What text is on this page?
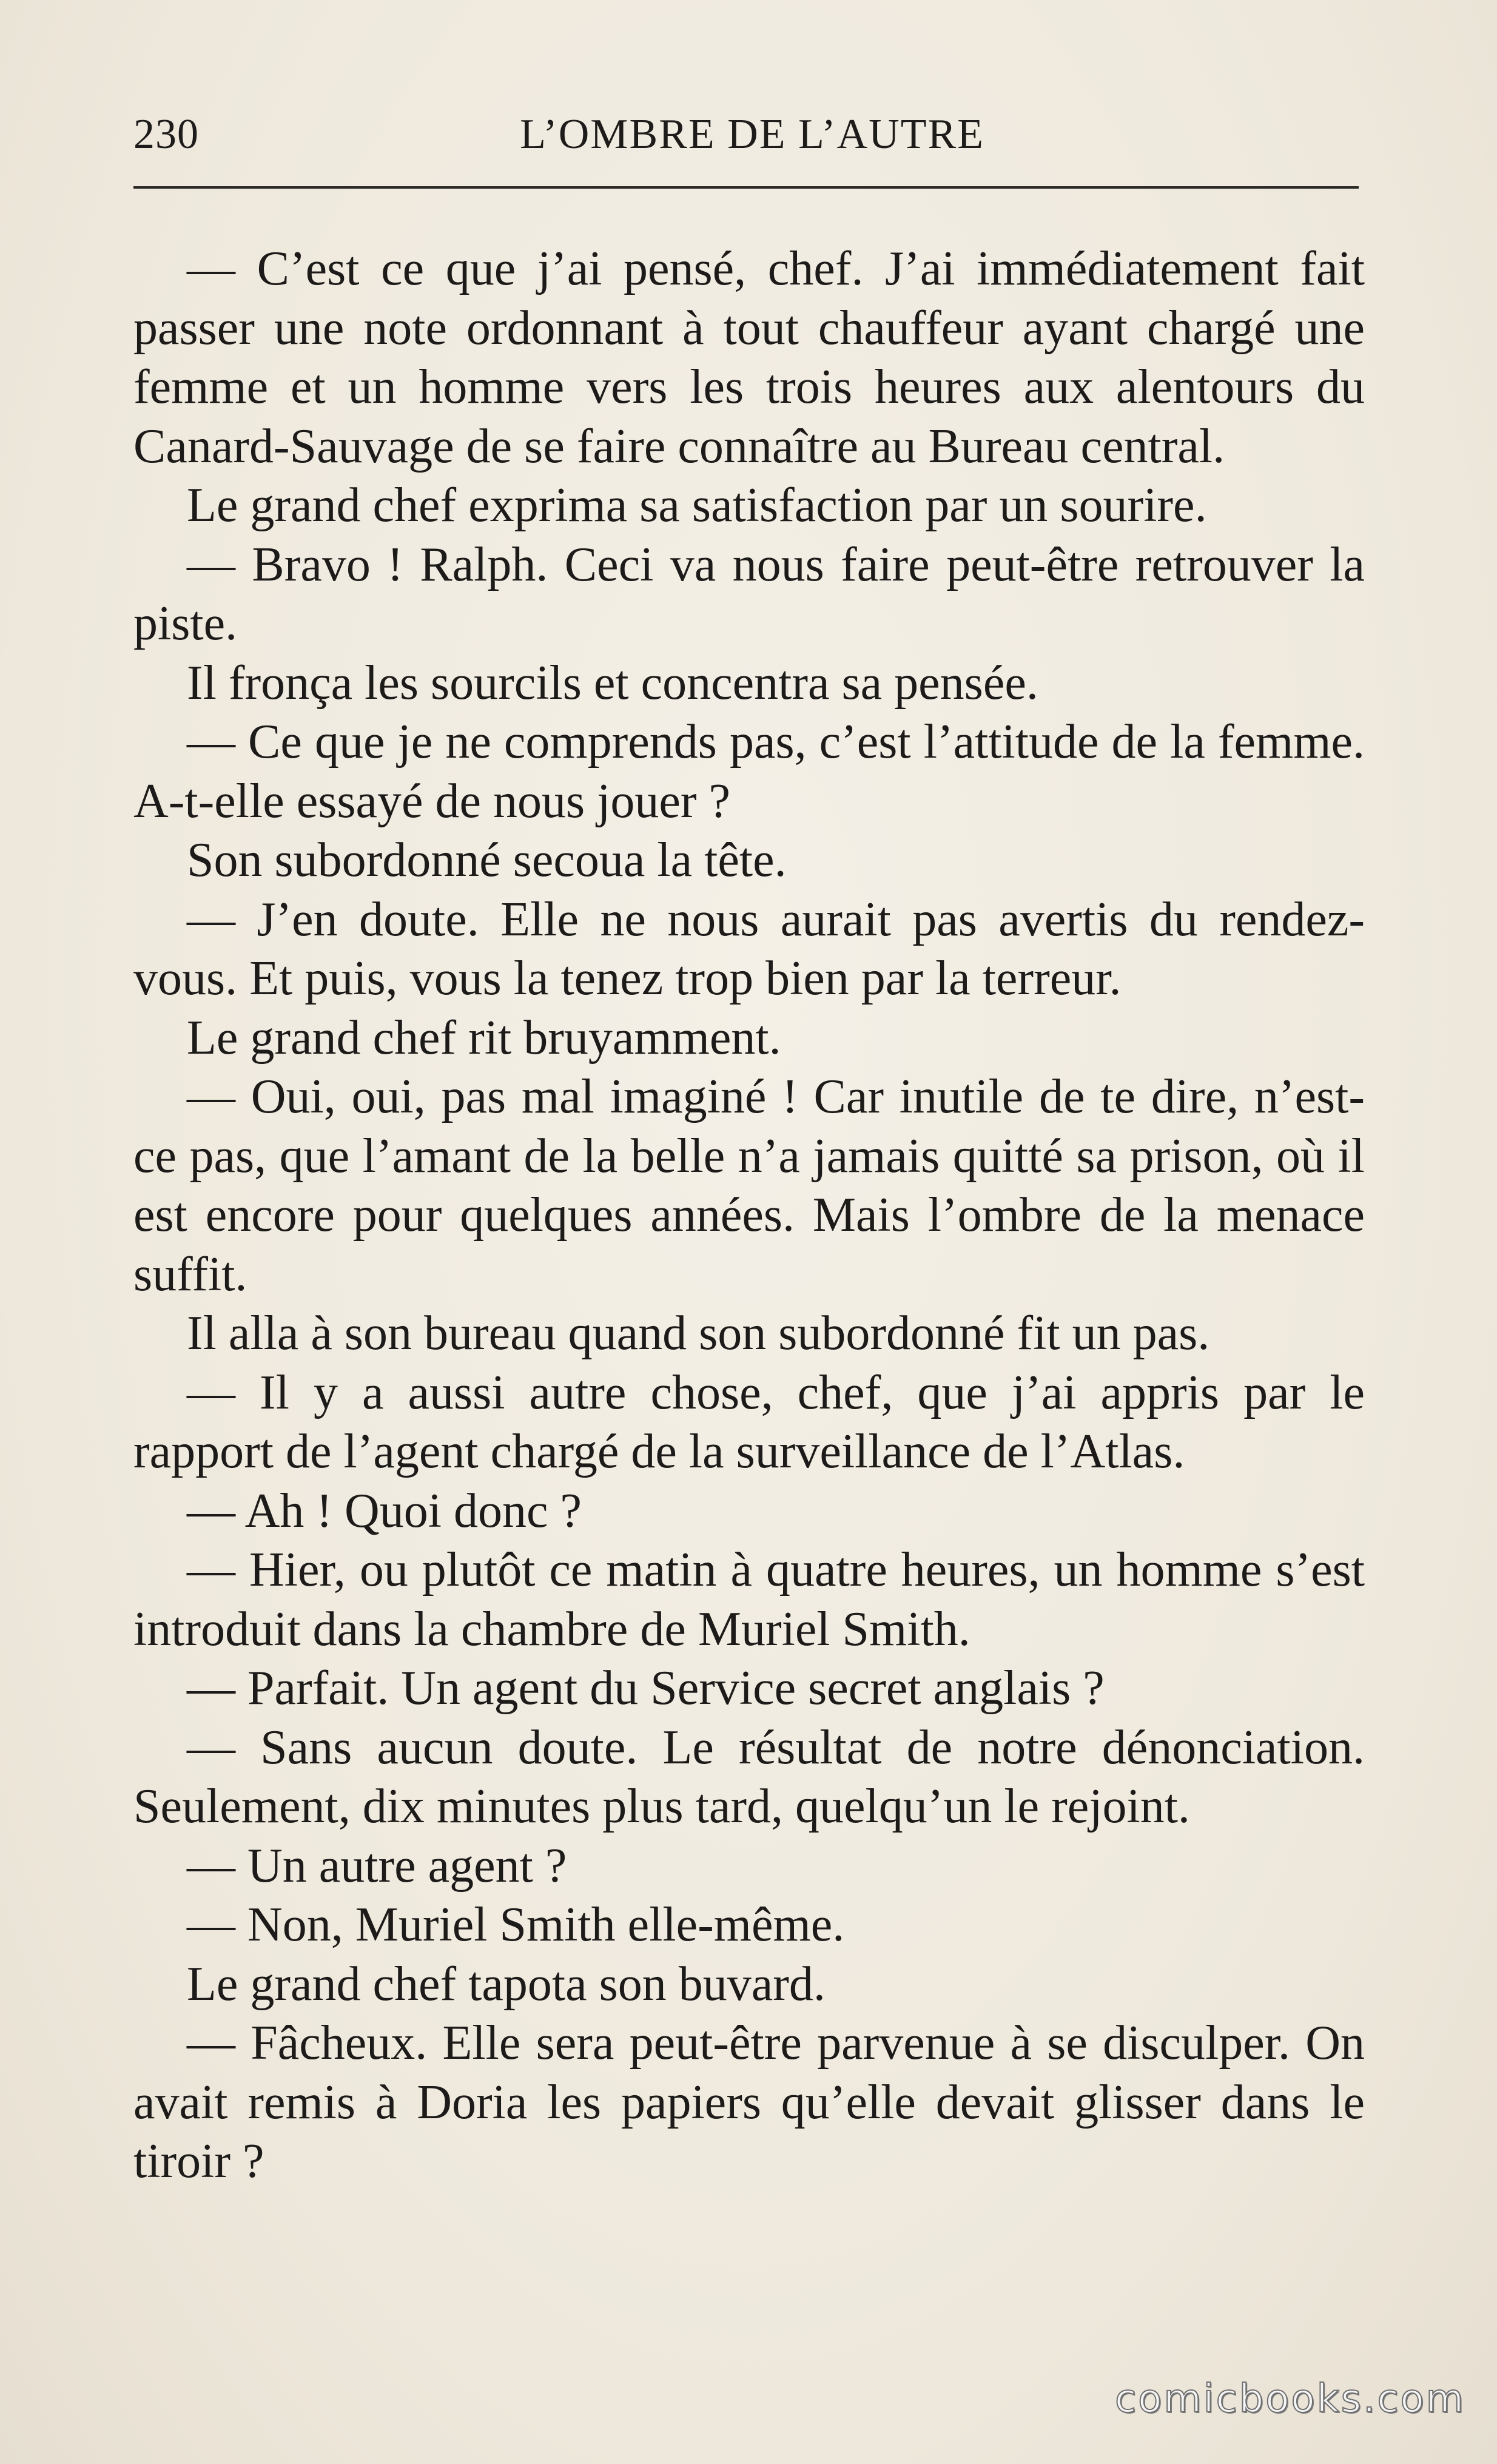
230	L’OMBRE DE L’AUTRE

— C’est ce que j’ai pensé, chef. J’ai immédiatement fait passer une note ordonnant à tout chauffeur ayant chargé une femme et un homme vers les trois heures aux alentours du Canard-Sauvage de se faire connaître au Bureau central.

Le grand chef exprima sa satisfaction par un sourire.

— Bravo ! Ralph. Ceci va nous faire peut-être retrouver la piste.

Il fronça les sourcils et concentra sa pensée.

— Ce que je ne comprends pas, c’est l’attitude de la femme. A-t-elle essayé de nous jouer ?

Son subordonné secoua la tête.

— J’en doute. Elle ne nous aurait pas avertis du rendez-vous. Et puis, vous la tenez trop bien par la terreur.

Le grand chef rit bruyamment.

— Oui, oui, pas mal imaginé ! Car inutile de te dire, n’est-ce pas, que l’amant de la belle n’a jamais quitté sa prison, où il est encore pour quelques années. Mais l’ombre de la menace suffit.

Il alla à son bureau quand son subordonné fit un pas.

— Il y a aussi autre chose, chef, que j’ai appris par le rapport de l’agent chargé de la surveillance de l’Atlas.

— Ah ! Quoi donc ?

— Hier, ou plutôt ce matin à quatre heures, un homme s’est introduit dans la chambre de Muriel Smith.

— Parfait. Un agent du Service secret anglais ?

— Sans aucun doute. Le résultat de notre dénonciation. Seulement, dix minutes plus tard, quelqu’un le rejoint.

— Un autre agent ?

— Non, Muriel Smith elle-même.

Le grand chef tapota son buvard.

— Fâcheux. Elle sera peut-être parvenue à se disculper. On avait remis à Doria les papiers qu’elle devait glisser dans le tiroir ?

comicbooks.com
